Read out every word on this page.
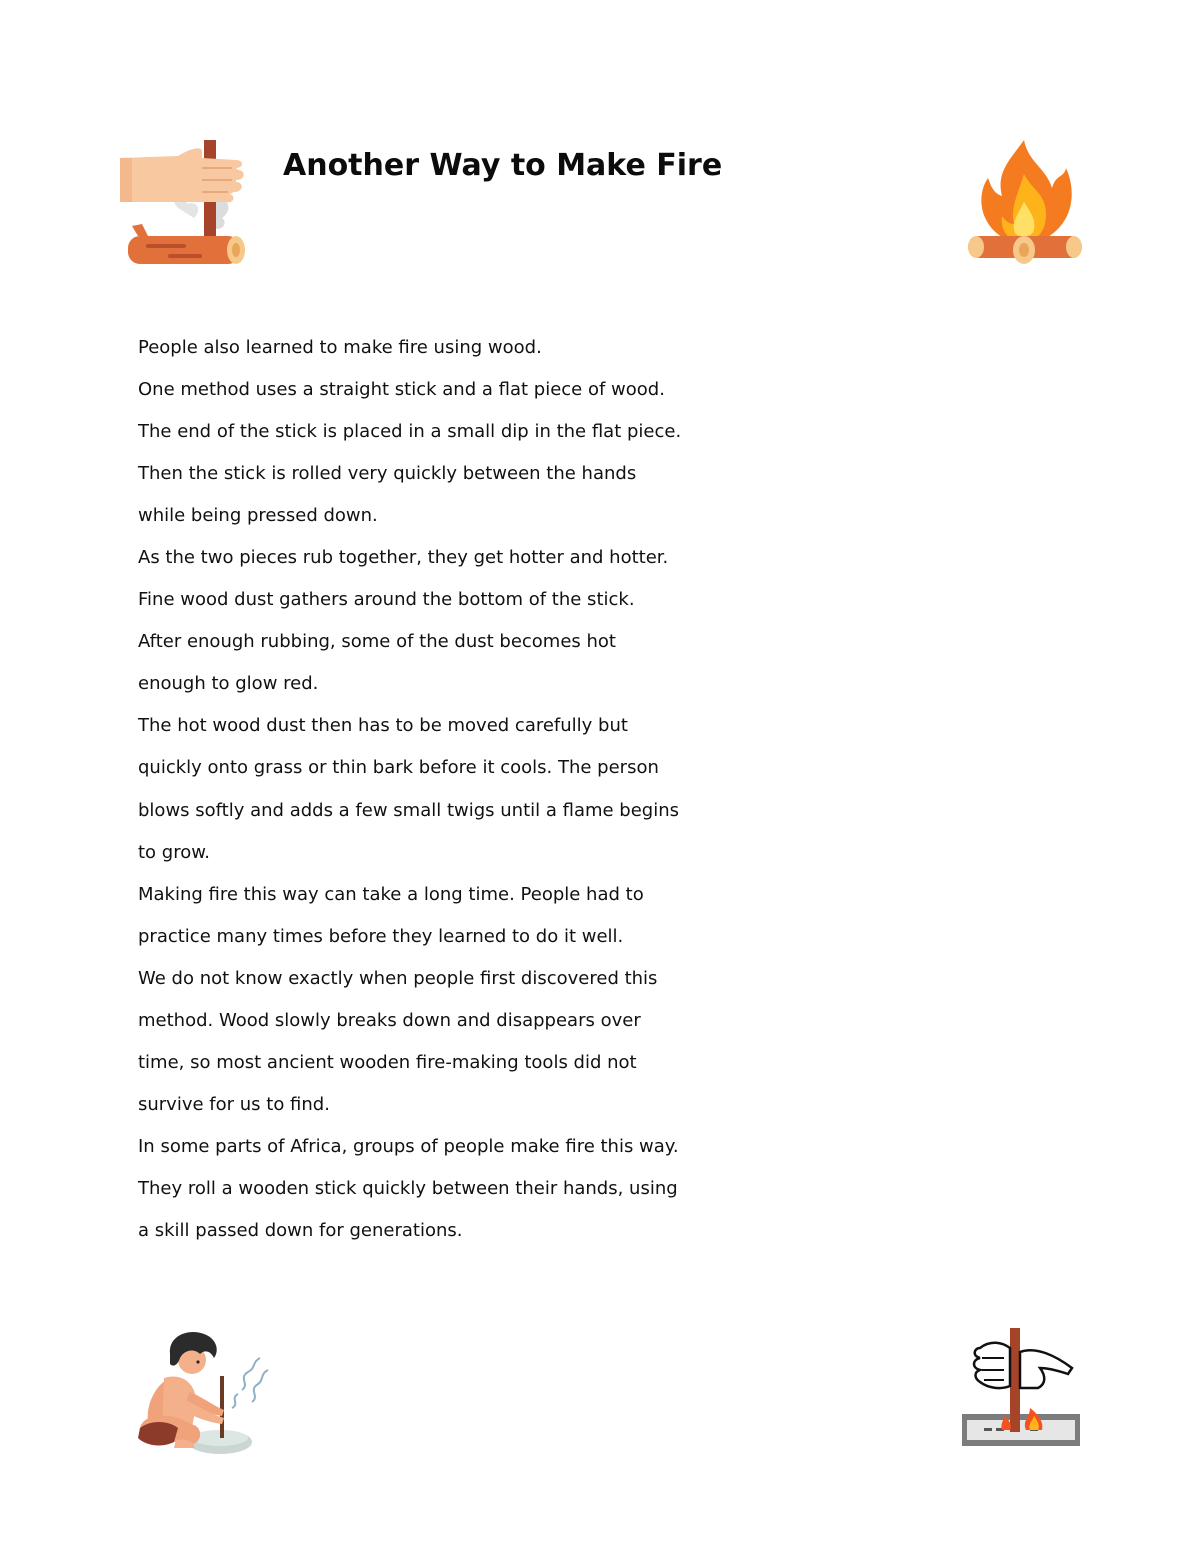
Another Way to Make Fire
People also learned to make fire using wood.
One method uses a straight stick and a flat piece of wood.
The end of the stick is placed in a small dip in the flat piece.
Then the stick is rolled very quickly between the hands
while being pressed down.
As the two pieces rub together, they get hotter and hotter.
Fine wood dust gathers around the bottom of the stick.
After enough rubbing, some of the dust becomes hot
enough to glow red.
The hot wood dust then has to be moved carefully but
quickly onto grass or thin bark before it cools. The person
blows softly and adds a few small twigs until a flame begins
to grow.
Making fire this way can take a long time. People had to
practice many times before they learned to do it well.
We do not know exactly when people first discovered this
method. Wood slowly breaks down and disappears over
time, so most ancient wooden fire-making tools did not
survive for us to find.
In some parts of Africa, groups of people make fire this way.
They roll a wooden stick quickly between their hands, using
a skill passed down for generations.
